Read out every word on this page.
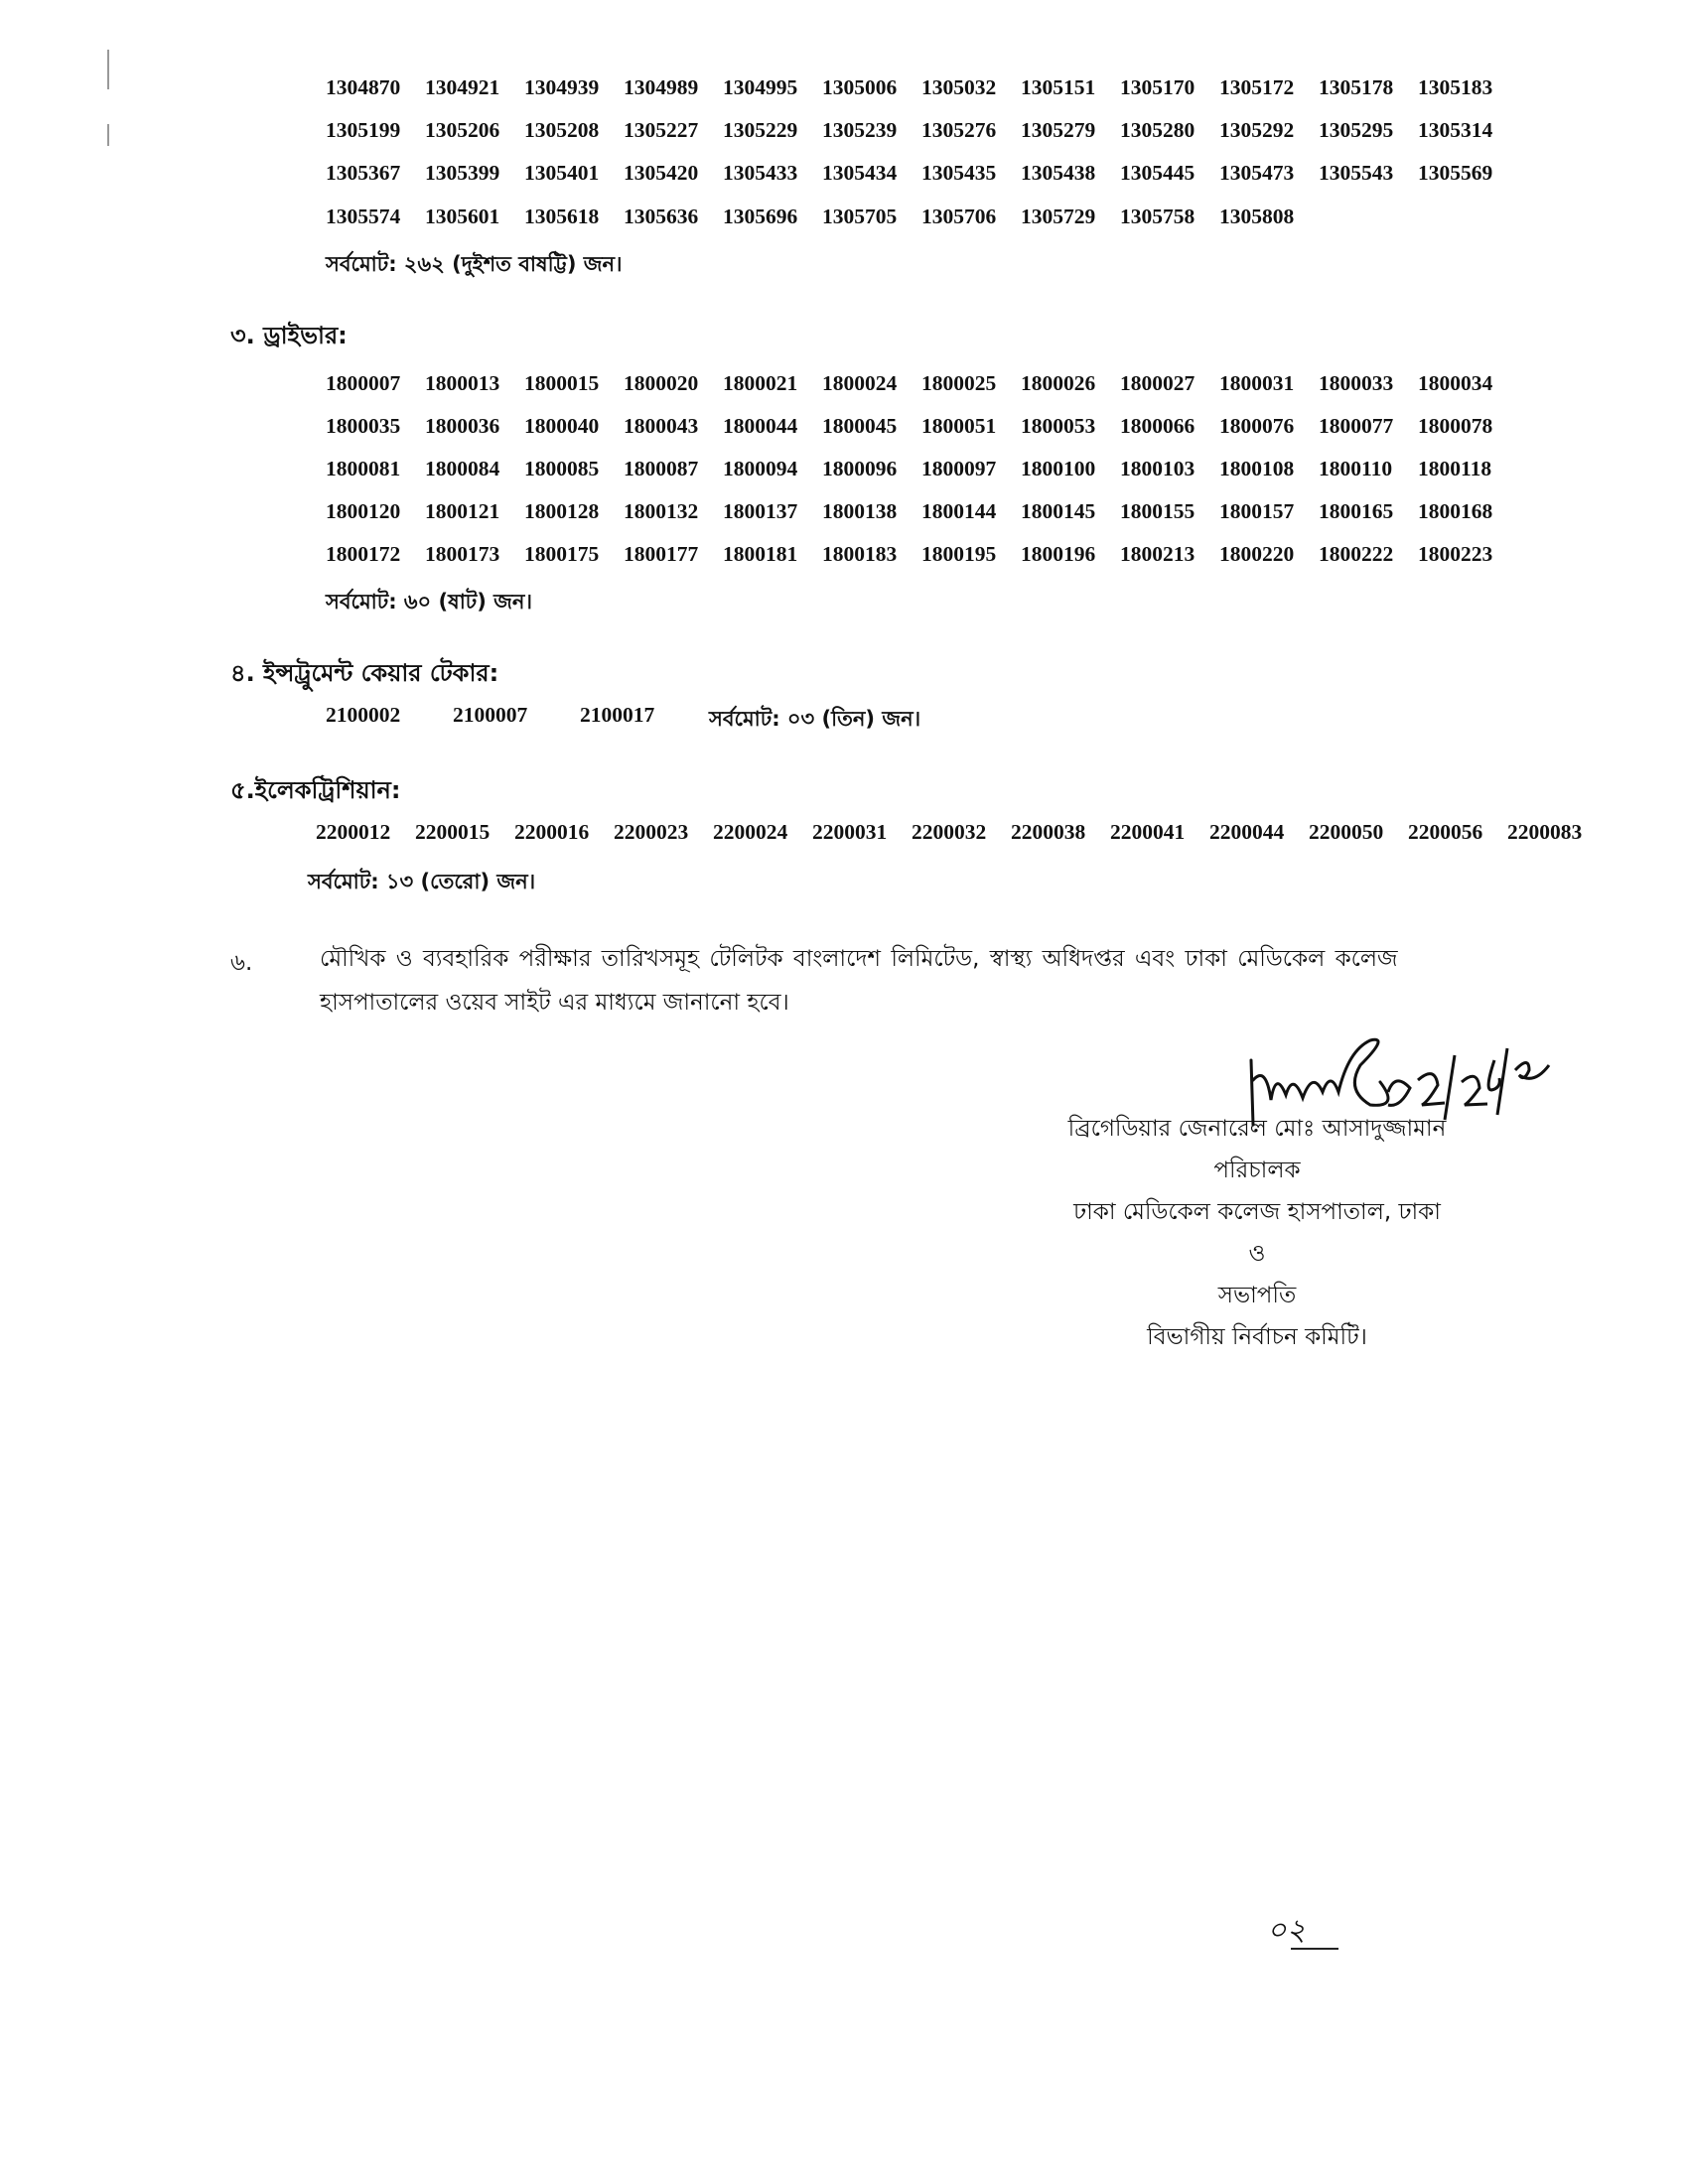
1304870	1304921	1304939	1304989	1304995	1305006	1305032	1305151	1305170	1305172	1305178	1305183
1305199	1305206	1305208	1305227	1305229	1305239	1305276	1305279	1305280	1305292	1305295	1305314
1305367	1305399	1305401	1305420	1305433	1305434	1305435	1305438	1305445	1305473	1305543	1305569
1305574	1305601	1305618	1305636	1305696	1305705	1305706	1305729	1305758	1305808
সর্বমোট: ২৬২ (দুইশত বাষট্টি) জন।
৩. ড্রাইভার:
1800007	1800013	1800015	1800020	1800021	1800024	1800025	1800026	1800027	1800031	1800033	1800034
1800035	1800036	1800040	1800043	1800044	1800045	1800051	1800053	1800066	1800076	1800077	1800078
1800081	1800084	1800085	1800087	1800094	1800096	1800097	1800100	1800103	1800108	1800110	1800118
1800120	1800121	1800128	1800132	1800137	1800138	1800144	1800145	1800155	1800157	1800165	1800168
1800172	1800173	1800175	1800177	1800181	1800183	1800195	1800196	1800213	1800220	1800222	1800223
সর্বমোট: ৬০ (ষাট) জন।
৪. ইন্সট্রুমেন্ট কেয়ার টেকার:
2100002	2100007	2100017	সর্বমোট: ০৩ (তিন) জন।
৫.ইলেকট্রিশিয়ান:
2200012	2200015	2200016	2200023	2200024	2200031	2200032	2200038	2200041	2200044	2200050	2200056	2200083
সর্বমোট: ১৩ (তেরো) জন।
৬.	মৌখিক ও ব্যবহারিক পরীক্ষার তারিখসমূহ টেলিটক বাংলাদেশ লিমিটেড, স্বাস্থ্য অধিদপ্তর এবং ঢাকা মেডিকেল কলেজ
হাসপাতালের ওয়েব সাইট এর মাধ্যমে জানানো হবে।
ব্রিগেডিয়ার জেনারেল মোঃ আসাদুজ্জামান
পরিচালক
ঢাকা মেডিকেল কলেজ হাসপাতাল, ঢাকা
ও
সভাপতি
বিভাগীয় নির্বাচন কমিটি।
০২
